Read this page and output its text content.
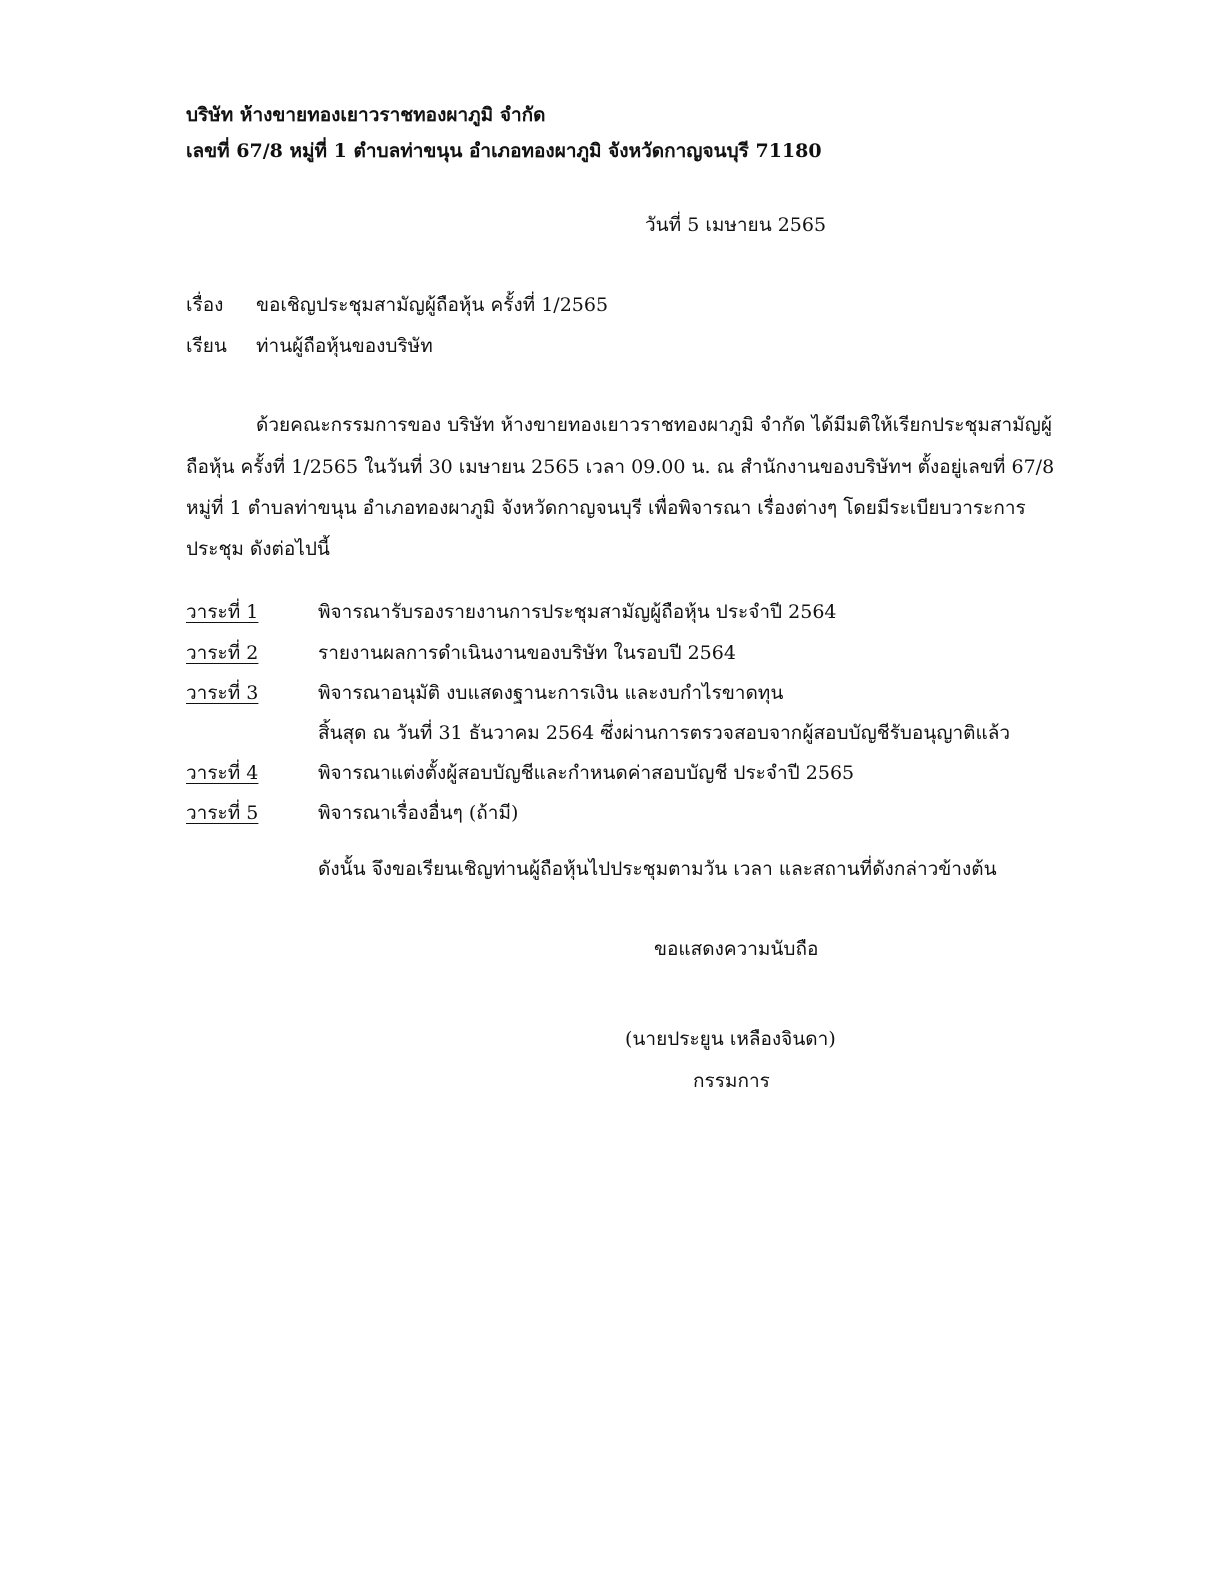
บริษัท ห้างขายทองเยาวราชทองผาภูมิ จำกัด
เลขที่ 67/8 หมู่ที่ 1 ตำบลท่าขนุน อำเภอทองผาภูมิ จังหวัดกาญจนบุรี 71180
วันที่ 5 เมษายน 2565
เรื่อง ขอเชิญประชุมสามัญผู้ถือหุ้น ครั้งที่ 1/2565
เรียน ท่านผู้ถือหุ้นของบริษัท
ด้วยคณะกรรมการของ บริษัท ห้างขายทองเยาวราชทองผาภูมิ จำกัด ได้มีมติให้เรียกประชุมสามัญผู้
ถือหุ้น ครั้งที่ 1/2565 ในวันที่ 30 เมษายน 2565 เวลา 09.00 น. ณ สำนักงานของบริษัทฯ ตั้งอยู่เลขที่ 67/8
หมู่ที่ 1 ตำบลท่าขนุน อำเภอทองผาภูมิ จังหวัดกาญจนบุรี เพื่อพิจารณา เรื่องต่างๆ โดยมีระเบียบวาระการ
ประชุม ดังต่อไปนี้
วาระที่ 1	พิจารณารับรองรายงานการประชุมสามัญผู้ถือหุ้น ประจำปี 2564
วาระที่ 2	รายงานผลการดำเนินงานของบริษัท ในรอบปี 2564
วาระที่ 3	พิจารณาอนุมัติ งบแสดงฐานะการเงิน และงบกำไรขาดทุน
สิ้นสุด ณ วันที่ 31 ธันวาคม 2564 ซึ่งผ่านการตรวจสอบจากผู้สอบบัญชีรับอนุญาติแล้ว
วาระที่ 4	พิจารณาแต่งตั้งผู้สอบบัญชีและกำหนดค่าสอบบัญชี ประจำปี 2565
วาระที่ 5	พิจารณาเรื่องอื่นๆ (ถ้ามี)
ดังนั้น จึงขอเรียนเชิญท่านผู้ถือหุ้นไปประชุมตามวัน เวลา และสถานที่ดังกล่าวข้างต้น
ขอแสดงความนับถือ
(นายประยูน เหลืองจินดา)
กรรมการ
